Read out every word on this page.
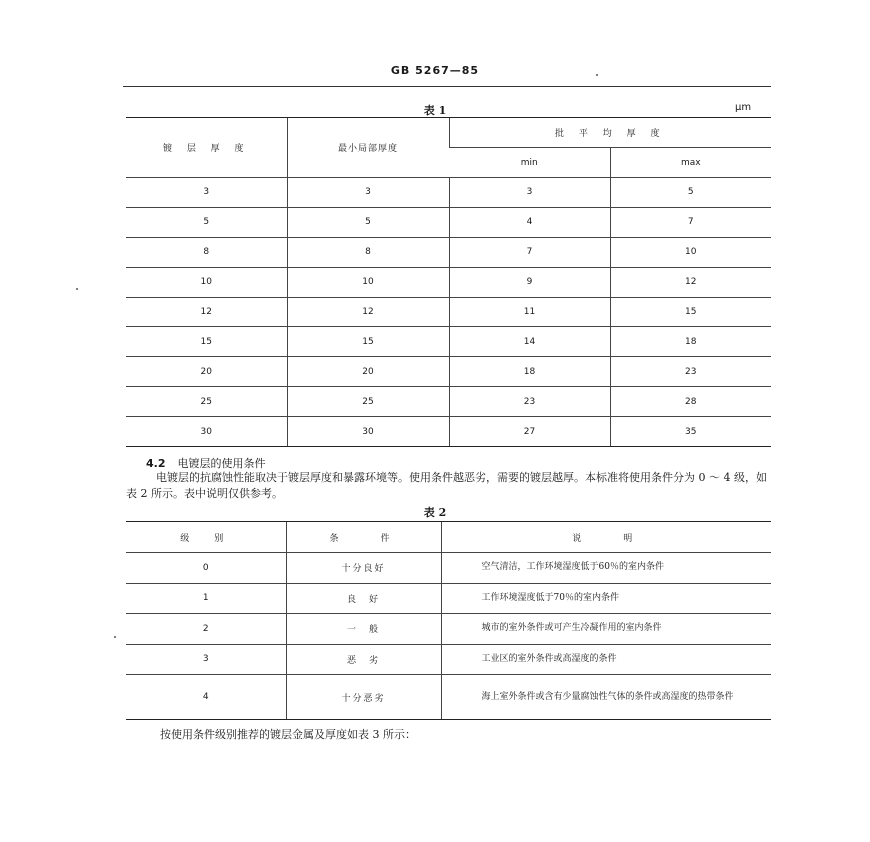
GB 5267—85
表 1	μm
镀 层 厚 度	最小局部厚度	批 平 均 厚 度	
		min	max
3	3	3	5
5	5	4	7
8	8	7	10
10	10	9	12
12	12	11	15
15	15	14	18
20	20	18	23
25	25	23	28
30	30	27	35
4.2 电镀层的使用条件
电镀层的抗腐蚀性能取决于镀层厚度和暴露环境等。使用条件越恶劣，需要的镀层越厚。本标准将使用条件分为 0 ～ 4 级，如表 2 所示。表中说明仅供参考。
表 2
级　别	条　　件	说　　明
0	十分良好	空气清洁，工作环境湿度低于60％的室内条件
1	良　好	工作环境湿度低于70％的室内条件
2	一　般	城市的室外条件或可产生冷凝作用的室内条件
3	恶　劣	工业区的室外条件或高湿度的条件
4	十分恶劣	海上室外条件或含有少量腐蚀性气体的条件或高湿度的热带条件
按使用条件级别推荐的镀层金属及厚度如表 3 所示：
